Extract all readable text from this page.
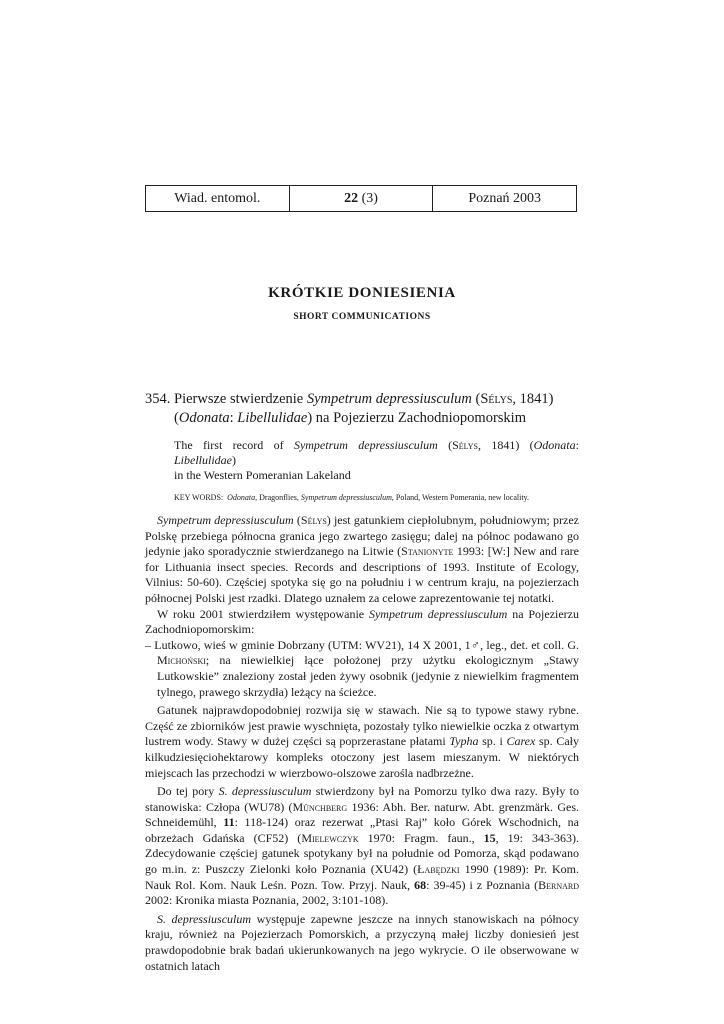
Wiad. entomol.	22
(3)	Poznań 2003
KRÓTKIE DONIESIENIA
SHORT COMMUNICATIONS
354. Pierwsze stwierdzenie Sympetrum depressiusculum (Sélys, 1841)
(Odonata: Libellulidae) na Pojezierzu Zachodniopomorskim
The first record of Sympetrum depressiusculum (Sélys, 1841) (Odonata: Libellulidae)
in the Western Pomeranian Lakeland
KEY WORDS: Odonata, Dragonflies, Sympetrum depressiusculum, Poland, Western Pomerania, new locality.

Sympetrum depressiusculum (Sélys) jest gatunkiem ciepłolubnym, południowym; przez Polskę przebiega północna granica jego zwartego zasięgu; dalej na północ podawano go jedynie jako sporadycznie stwierdzanego na Litwie (Stanionyte 1993: [W:] New and rare for Lithuania insect species. Records and descriptions of 1993. Institute of Ecology, Vilnius: 50-60). Częściej spotyka się go na południu i w centrum kraju, na pojezierzach północnej Polski jest rzadki. Dlatego uznałem za celowe zaprezentowanie tej notatki.

W roku 2001 stwierdziłem występowanie Sympetrum depressiusculum na Pojezierzu Zachodniopomorskim:

– Lutkowo, wieś w gminie Dobrzany (UTM: WV21), 14 X 2001, 1♂, leg., det. et coll. G. Michoński; na niewielkiej łące położonej przy użytku ekologicznym „Stawy Lutkowskie” znaleziony został jeden żywy osobnik (jedynie z niewielkim fragmentem tylnego, prawego skrzydła) leżący na ścieżce.

Gatunek najprawdopodobniej rozwija się w stawach. Nie są to typowe stawy rybne. Część ze zbiorników jest prawie wyschnięta, pozostały tylko niewielkie oczka z otwartym lustrem wody. Stawy w dużej części są poprzerastane płatami Typha sp. i Carex sp. Cały kilkudziesięciohektarowy kompleks otoczony jest lasem mieszanym. W niektórych miejscach las przechodzi w wierzbowo-olszowe zarośla nadbrzeżne.

Do tej pory S. depressiusculum stwierdzony był na Pomorzu tylko dwa razy. Były to stanowiska: Człopa (WU78) (Münchberg 1936: Abh. Ber. naturw. Abt. grenzmärk. Ges. Schneidemühl, 11: 118-124) oraz rezerwat „Ptasi Raj” koło Górek Wschodnich, na obrzeżach Gdańska (CF52) (Mielewczyk 1970: Fragm. faun., 15, 19: 343-363). Zdecydowanie częściej gatunek spotykany był na południe od Pomorza, skąd podawano go m.in. z: Puszczy Zielonki koło Poznania (XU42) (Łabędzki 1990 (1989): Pr. Kom. Nauk Rol. Kom. Nauk Leśn. Pozn. Tow. Przyj. Nauk, 68: 39-45) i z Poznania (Bernard 2002: Kronika miasta Poznania, 2002, 3:101-108).

S. depressiusculum występuje zapewne jeszcze na innych stanowiskach na północy kraju, również na Pojezierzach Pomorskich, a przyczyną małej liczby doniesień jest prawdopodobnie brak badań ukierunkowanych na jego wykrycie. O ile obserwowane w ostatnich latach
